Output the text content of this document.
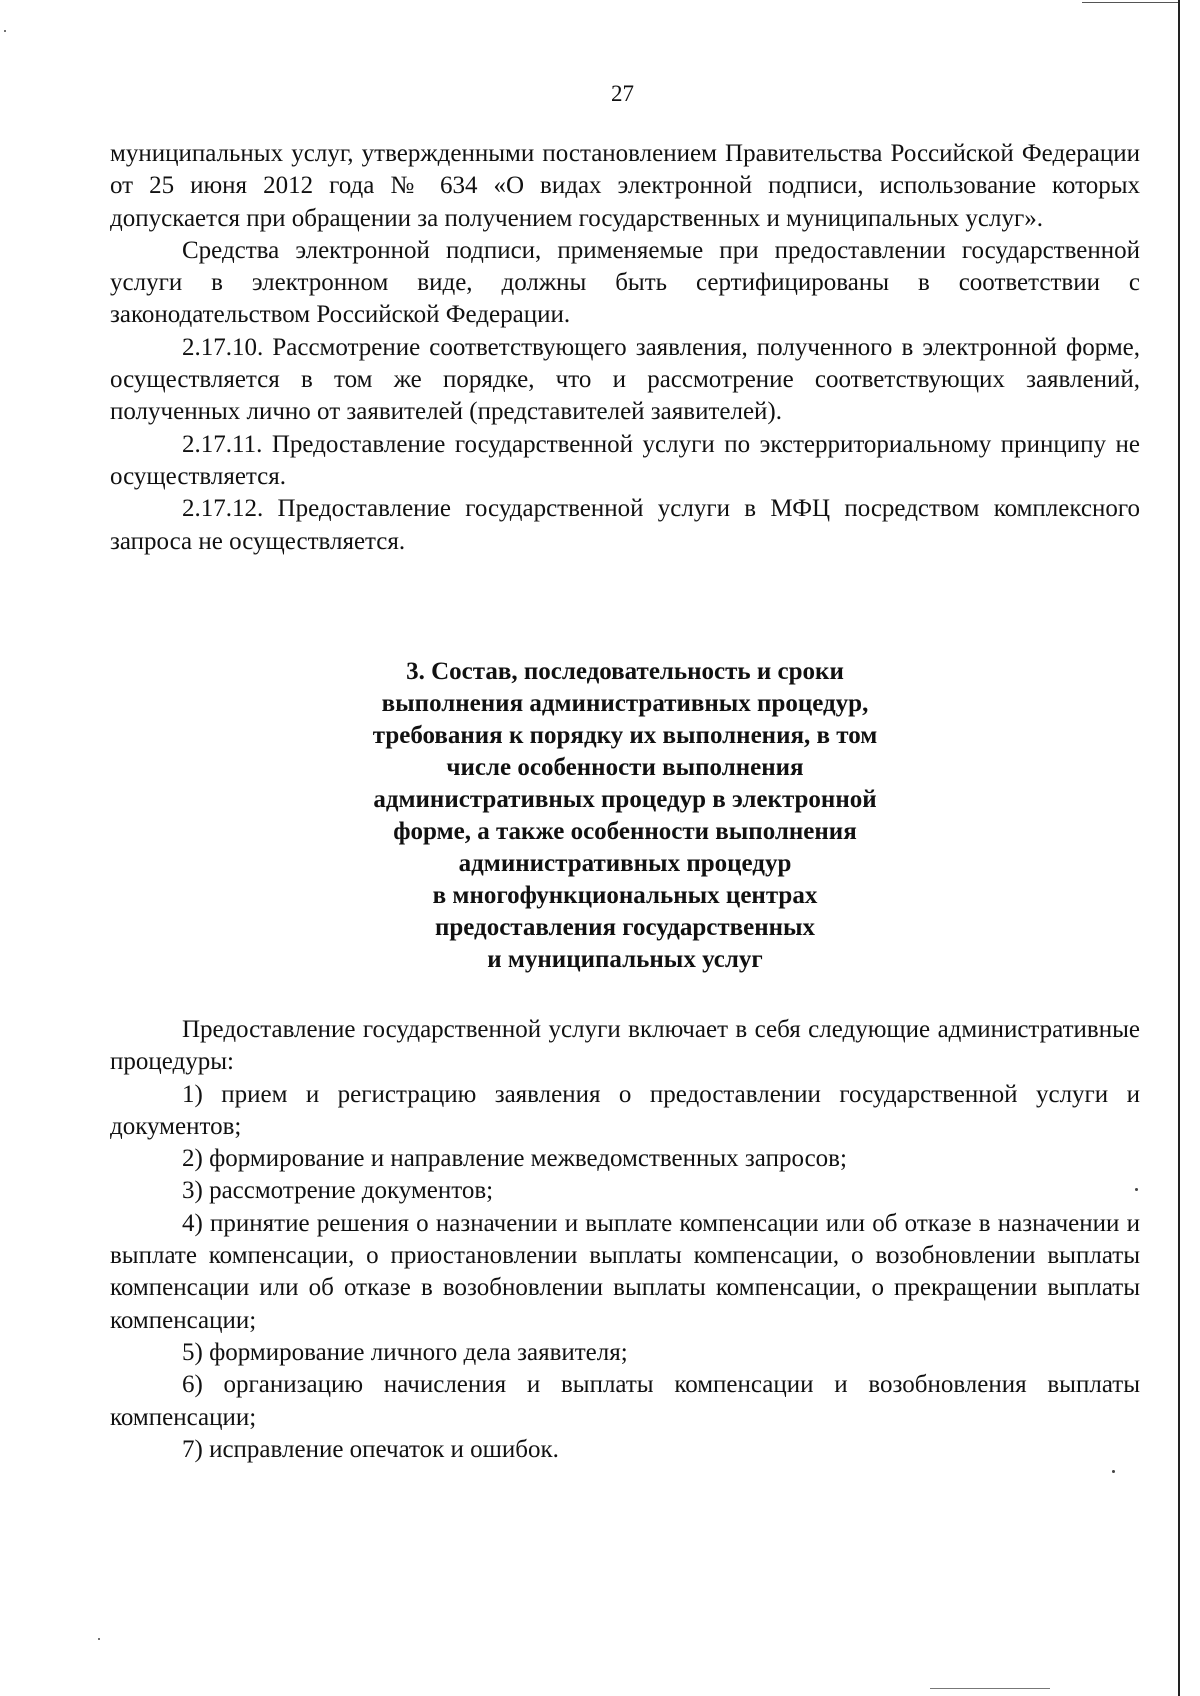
27

муниципальных услуг, утвержденными постановлением Правительства Российской Федерации от 25 июня 2012 года № 634 «О видах электронной подписи, использование которых допускается при обращении за получением государственных и муниципальных услуг».

Средства электронной подписи, применяемые при предоставлении государственной услуги в электронном виде, должны быть сертифицированы в соответствии с законодательством Российской Федерации.

2.17.10. Рассмотрение соответствующего заявления, полученного в электронной форме, осуществляется в том же порядке, что и рассмотрение соответствующих заявлений, полученных лично от заявителей (представителей заявителей).

2.17.11. Предоставление государственной услуги по экстерриториальному принципу не осуществляется.

2.17.12. Предоставление государственной услуги в МФЦ посредством комплексного запроса не осуществляется.

3. Состав, последовательность и сроки
выполнения административных процедур,
требования к порядку их выполнения, в том
числе особенности выполнения
административных процедур в электронной
форме, а также особенности выполнения
административных процедур
в многофункциональных центрах
предоставления государственных
и муниципальных услуг

Предоставление государственной услуги включает в себя следующие административные процедуры:

1) прием и регистрацию заявления о предоставлении государственной услуги и документов;

2) формирование и направление межведомственных запросов;

3) рассмотрение документов;

4) принятие решения о назначении и выплате компенсации или об отказе в назначении и выплате компенсации, о приостановлении выплаты компенсации, о возобновлении выплаты компенсации или об отказе в возобновлении выплаты компенсации, о прекращении выплаты компенсации;

5) формирование личного дела заявителя;

6) организацию начисления и выплаты компенсации и возобновления выплаты компенсации;

7) исправление опечаток и ошибок.
